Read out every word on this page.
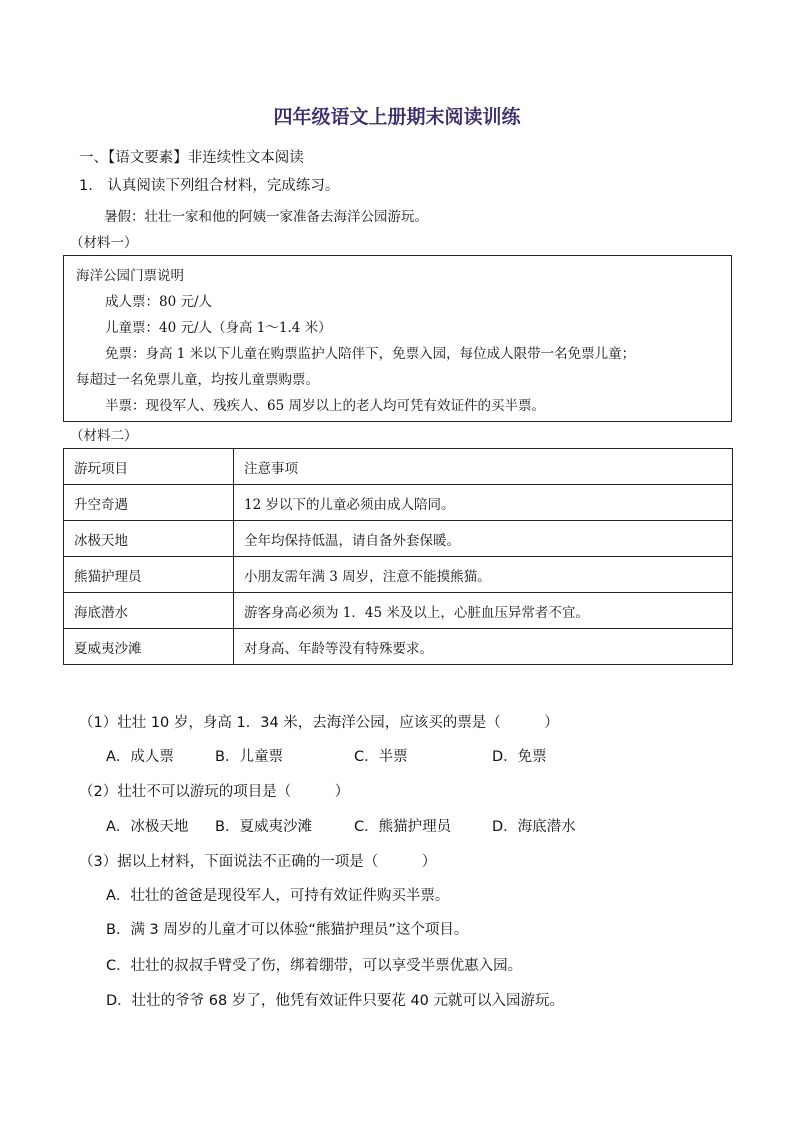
四年级语文上册期末阅读训练
一、【语文要素】非连续性文本阅读
1.　认真阅读下列组合材料，完成练习。
暑假：壮壮一家和他的阿姨一家准备去海洋公园游玩。
（材料一）
海洋公园门票说明
成人票：80 元/人
儿童票：40 元/人（身高 1～1.4 米）
免票：身高 1 米以下儿童在购票监护人陪伴下，免票入园，每位成人限带一名免票儿童；
每超过一名免票儿童，均按儿童票购票。
半票：现役军人、残疾人、65 周岁以上的老人均可凭有效证件的买半票。
（材料二）
游玩项目	注意事项
升空奇遇	12 岁以下的儿童必须由成人陪同。
冰极天地	全年均保持低温，请自备外套保暖。
熊猫护理员	小朋友需年满 3 周岁，注意不能摸熊猫。
海底潜水	游客身高必须为 1．45 米及以上，心脏血压异常者不宜。
夏威夷沙滩	对身高、年龄等没有特殊要求。
（1）壮壮 10 岁，身高 1．34 米，去海洋公园，应该买的票是（　　　）
A．成人票	B．儿童票	C．半票	D．免票
（2）壮壮不可以游玩的项目是（　　　）
A．冰极天地 B．夏威夷沙滩	C．熊猫护理员	D．海底潜水
（3）据以上材料，下面说法不正确的一项是（　　　）
A．壮壮的爸爸是现役军人，可持有效证件购买半票。
B．满 3 周岁的儿童才可以体验“熊猫护理员”这个项目。
C．壮壮的叔叔手臂受了伤，绑着绷带，可以享受半票优惠入园。
D．壮壮的爷爷 68 岁了，他凭有效证件只要花 40 元就可以入园游玩。
